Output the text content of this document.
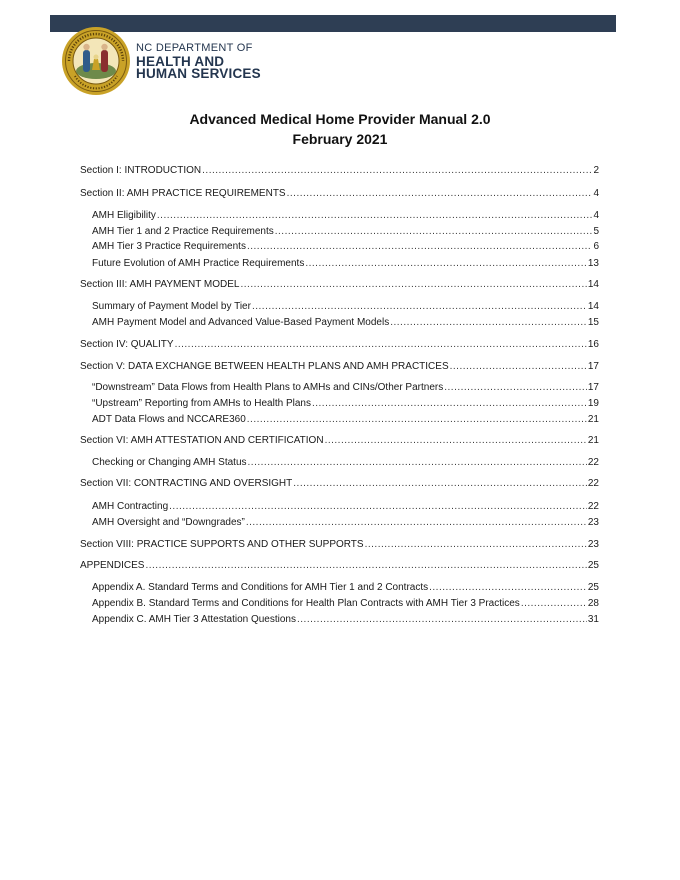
NC DEPARTMENT OF
HEALTH AND
HUMAN SERVICES
Advanced Medical Home Provider Manual 2.0
February 2021
Section I: INTRODUCTION .....	2
Section II: AMH PRACTICE REQUIREMENTS .....	4
AMH Eligibility .....	4
AMH Tier 1 and 2 Practice Requirements .....	5
AMH Tier 3 Practice Requirements .....	6
Future Evolution of AMH Practice Requirements .....	13
Section III: AMH PAYMENT MODEL .....	14
Summary of Payment Model by Tier .....	14
AMH Payment Model and Advanced Value-Based Payment Models .....	15
Section IV: QUALITY .....	16
Section V: DATA EXCHANGE BETWEEN HEALTH PLANS AND AMH PRACTICES .....	17
“Downstream” Data Flows from Health Plans to AMHs and CINs/Other Partners .....	17
“Upstream” Reporting from AMHs to Health Plans .....	19
ADT Data Flows and NCCARE360 .....	21
Section VI: AMH ATTESTATION AND CERTIFICATION .....	21
Checking or Changing AMH Status .....	22
Section VII: CONTRACTING AND OVERSIGHT .....	22
AMH Contracting .....	22
AMH Oversight and “Downgrades” .....	23
Section VIII: PRACTICE SUPPORTS AND OTHER SUPPORTS .....	23
APPENDICES .....	25
Appendix A. Standard Terms and Conditions for AMH Tier 1 and 2 Contracts .....	25
Appendix B. Standard Terms and Conditions for Health Plan Contracts with AMH Tier 3 Practices .....	28
Appendix C. AMH Tier 3 Attestation Questions .....	31
